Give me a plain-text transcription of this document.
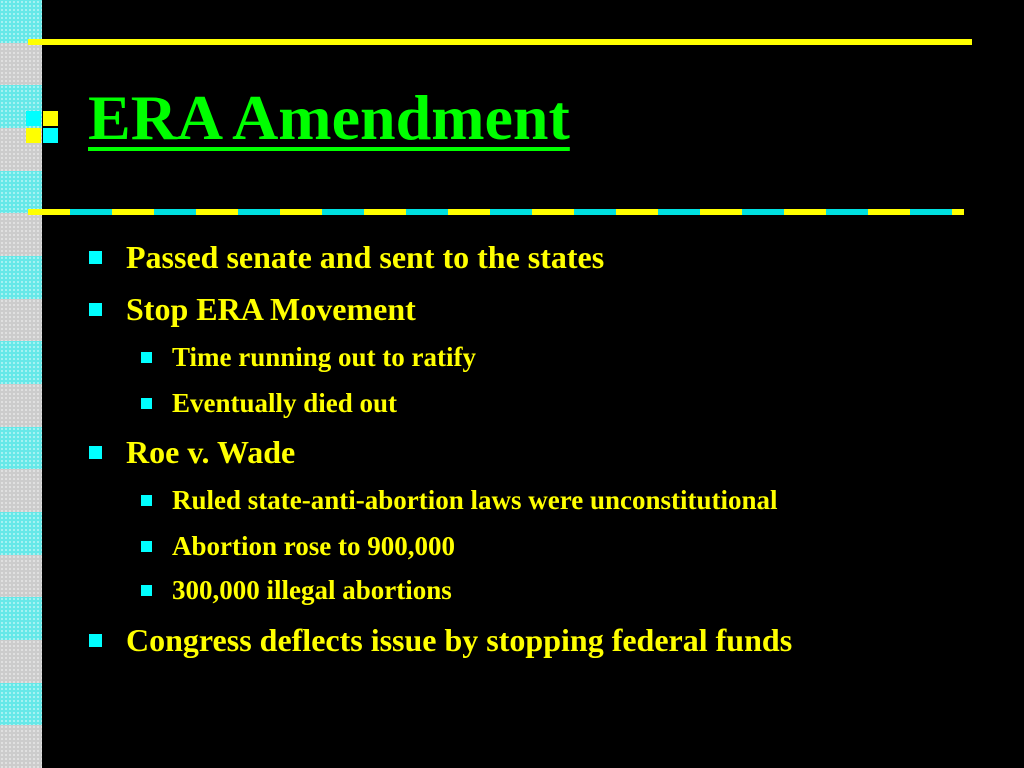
ERA Amendment
Passed senate and sent to the states
Stop ERA Movement
Time running out to ratify
Eventually died out
Roe v. Wade
Ruled state-anti-abortion laws were unconstitutional
Abortion rose to 900,000
300,000 illegal abortions
Congress deflects issue by stopping federal funds
